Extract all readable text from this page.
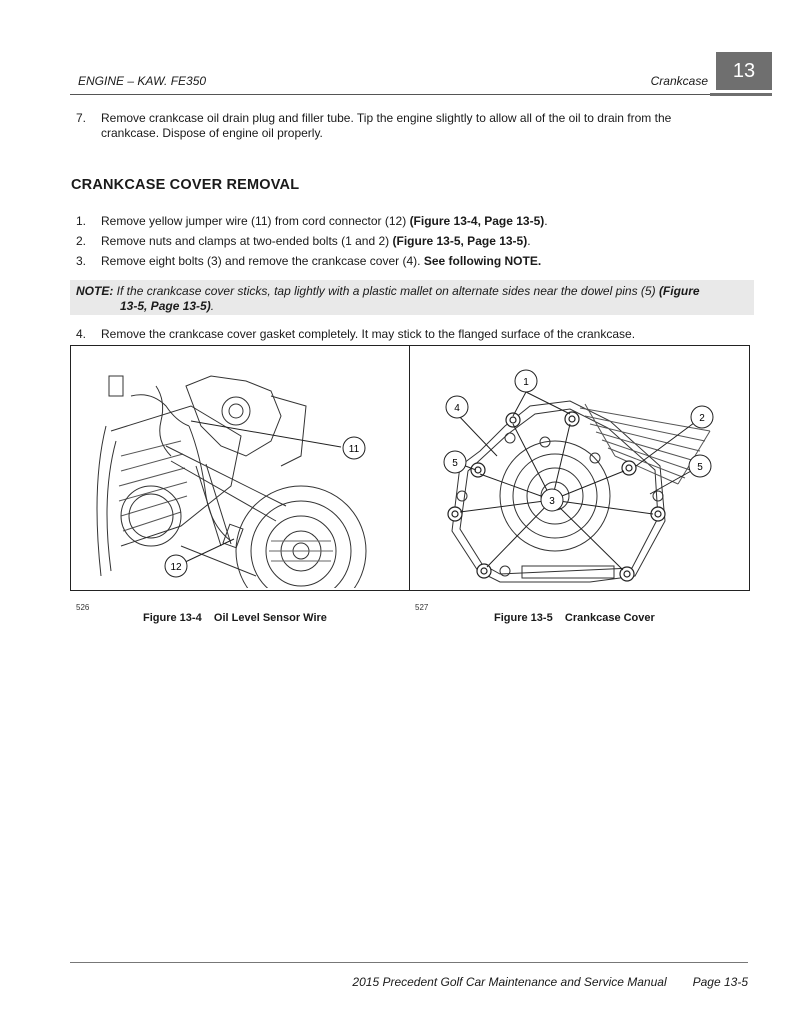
ENGINE – KAW. FE350	Crankcase	13
7. Remove crankcase oil drain plug and filler tube. Tip the engine slightly to allow all of the oil to drain from the
crankcase. Dispose of engine oil properly.
CRANKCASE COVER REMOVAL
1. Remove yellow jumper wire (11) from cord connector (12) (Figure 13-4, Page 13-5).
2. Remove nuts and clamps at two-ended bolts (1 and 2) (Figure 13-5, Page 13-5).
3. Remove eight bolts (3) and remove the crankcase cover (4). See following NOTE.
NOTE: If the crankcase cover sticks, tap lightly with a plastic mallet on alternate sides near the dowel pins (5) (Figure
13-5, Page 13-5).
4. Remove the crankcase cover gasket completely. It may stick to the flanged surface of the crankcase.
11
12
1
2
3
4
5	5
526	527
Figure 13-4    Oil Level Sensor Wire	Figure 13-5    Crankcase Cover
2015 Precedent Golf Car Maintenance and Service Manual Page 13-5
